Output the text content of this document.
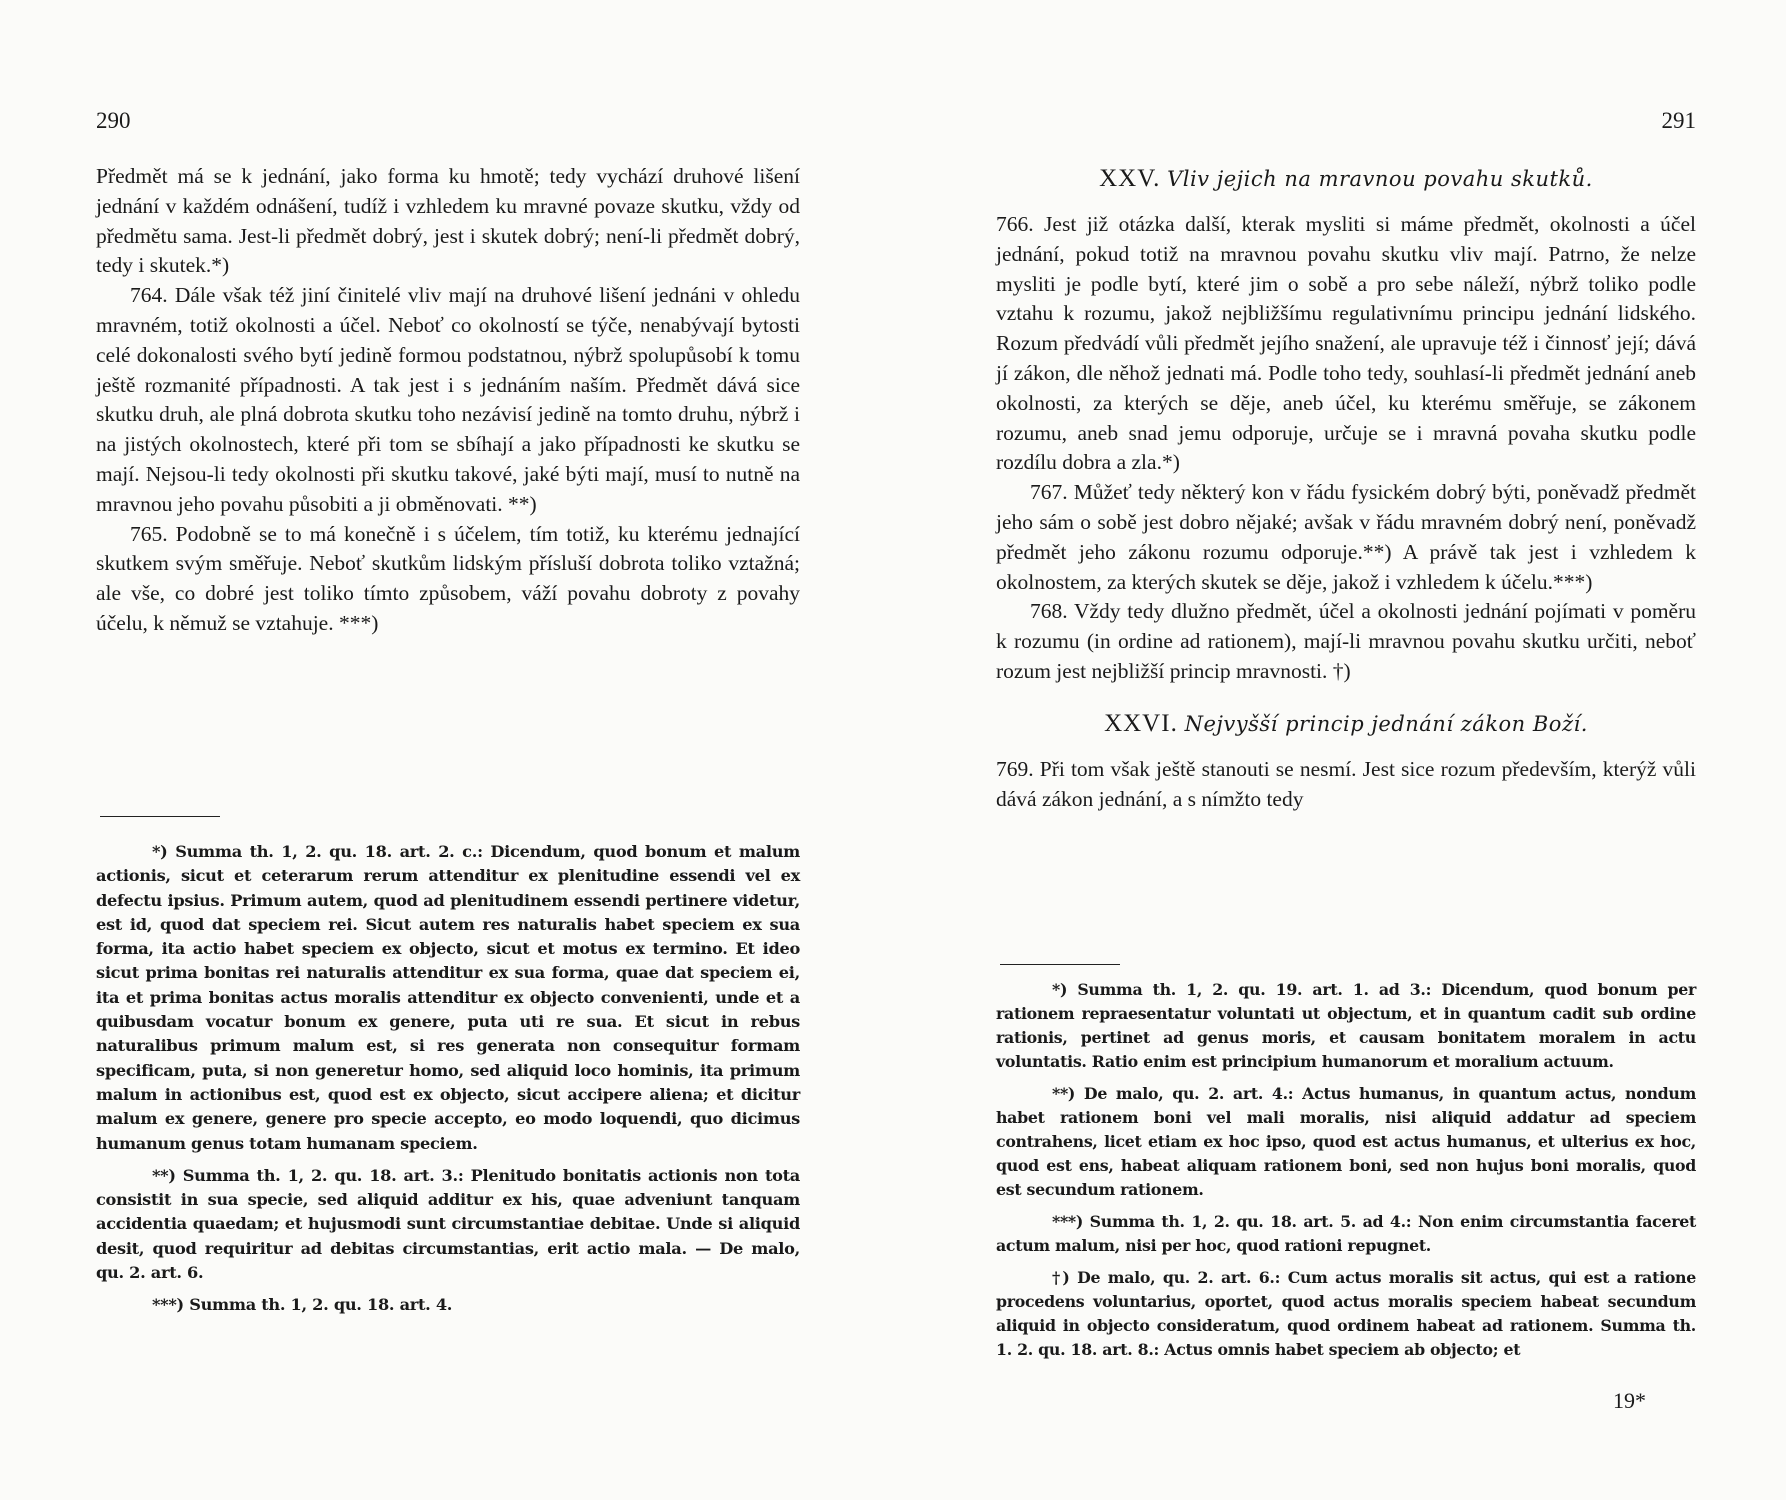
290

Předmět má se k jednání, jako forma ku hmotě; tedy vychází druhové lišení jednání v každém odnášení, tudíž i vzhledem ku mravné povaze skutku, vždy od předmětu sama. Jest-li předmět dobrý, jest i skutek dobrý; není-li předmět dobrý, tedy i skutek.*)

764. Dále však též jiní činitelé vliv mají na druhové lišení jednáni v ohledu mravném, totiž okolnosti a účel. Neboť co okolností se týče, nenabývají bytosti celé dokonalosti svého bytí jedině formou podstatnou, nýbrž spolupůsobí k tomu ještě rozmanité případnosti. A tak jest i s jednáním naším. Předmět dává sice skutku druh, ale plná dobrota skutku toho nezávisí jedině na tomto druhu, nýbrž i na jistých okolnostech, které při tom se sbíhají a jako případnosti ke skutku se mají. Nejsou-li tedy okolnosti při skutku takové, jaké býti mají, musí to nutně na mravnou jeho povahu působiti a ji obměnovati. **)

765. Podobně se to má konečně i s účelem, tím totiž, ku kterému jednající skutkem svým směřuje. Neboť skutkům lidským přísluší dobrota toliko vztažná; ale vše, co dobré jest toliko tímto způsobem, váží povahu dobroty z povahy účelu, k němuž se vztahuje. ***)

*) Summa th. 1, 2. qu. 18. art. 2. c.: Dicendum, quod bonum et malum actionis, sicut et ceterarum rerum attenditur ex plenitudine essendi vel ex defectu ipsius. Primum autem, quod ad plenitudinem essendi pertinere videtur, est id, quod dat speciem rei. Sicut autem res naturalis habet speciem ex sua forma, ita actio habet speciem ex objecto, sicut et motus ex termino. Et ideo sicut prima bonitas rei naturalis attenditur ex sua forma, quae dat speciem ei, ita et prima bonitas actus moralis attenditur ex objecto convenienti, unde et a quibusdam vocatur bonum ex genere, puta uti re sua. Et sicut in rebus naturalibus primum malum est, si res generata non consequitur formam specificam, puta, si non generetur homo, sed aliquid loco hominis, ita primum malum in actionibus est, quod est ex objecto, sicut accipere aliena; et dicitur malum ex genere, genere pro specie accepto, eo modo loquendi, quo dicimus humanum genus totam humanam speciem.

**) Summa th. 1, 2. qu. 18. art. 3.: Plenitudo bonitatis actionis non tota consistit in sua specie, sed aliquid additur ex his, quae adveniunt tanquam accidentia quaedam; et hujusmodi sunt circumstantiae debitae. Unde si aliquid desit, quod requiritur ad debitas circumstantias, erit actio mala. — De malo, qu. 2. art. 6.

***) Summa th. 1, 2. qu. 18. art. 4.

291
XXV. Vliv jejich na mravnou povahu skutků.

766. Jest již otázka další, kterak mysliti si máme předmět, okolnosti a účel jednání, pokud totiž na mravnou povahu skutku vliv mají. Patrno, že nelze mysliti je podle bytí, které jim o sobě a pro sebe náleží, nýbrž toliko podle vztahu k rozumu, jakož nejbližšímu regulativnímu principu jednání lidského. Rozum předvádí vůli předmět jejího snažení, ale upravuje též i činnosť její; dává jí zákon, dle něhož jednati má. Podle toho tedy, souhlasí-li předmět jednání aneb okolnosti, za kterých se děje, aneb účel, ku kterému směřuje, se zákonem rozumu, aneb snad jemu odporuje, určuje se i mravná povaha skutku podle rozdílu dobra a zla.*)

767. Můžeť tedy některý kon v řádu fysickém dobrý býti, poněvadž předmět jeho sám o sobě jest dobro nějaké; avšak v řádu mravném dobrý není, poněvadž předmět jeho zákonu rozumu odporuje.**) A právě tak jest i vzhledem k okolnostem, za kterých skutek se děje, jakož i vzhledem k účelu.***)

768. Vždy tedy dlužno předmět, účel a okolnosti jednání pojímati v poměru k rozumu (in ordine ad rationem), mají-li mravnou povahu skutku určiti, neboť rozum jest nejbližší princip mravnosti. †)

XXVI. Nejvyšší princip jednání zákon Boží.

769. Při tom však ještě stanouti se nesmí. Jest sice rozum především, kterýž vůli dává zákon jednání, a s nímžto tedy

*) Summa th. 1, 2. qu. 19. art. 1. ad 3.: Dicendum, quod bonum per rationem repraesentatur voluntati ut objectum, et in quantum cadit sub ordine rationis, pertinet ad genus moris, et causam bonitatem moralem in actu voluntatis. Ratio enim est principium humanorum et moralium actuum.

**) De malo, qu. 2. art. 4.: Actus humanus, in quantum actus, nondum habet rationem boni vel mali moralis, nisi aliquid addatur ad speciem contrahens, licet etiam ex hoc ipso, quod est actus humanus, et ulterius ex hoc, quod est ens, habeat aliquam rationem boni, sed non hujus boni moralis, quod est secundum rationem.

***) Summa th. 1, 2. qu. 18. art. 5. ad 4.: Non enim circumstantia faceret actum malum, nisi per hoc, quod rationi repugnet.

†) De malo, qu. 2. art. 6.: Cum actus moralis sit actus, qui est a ratione procedens voluntarius, oportet, quod actus moralis speciem habeat secundum aliquid in objecto consideratum, quod ordinem habeat ad rationem. Summa th. 1. 2. qu. 18. art. 8.: Actus omnis habet speciem ab objecto; et

19*
